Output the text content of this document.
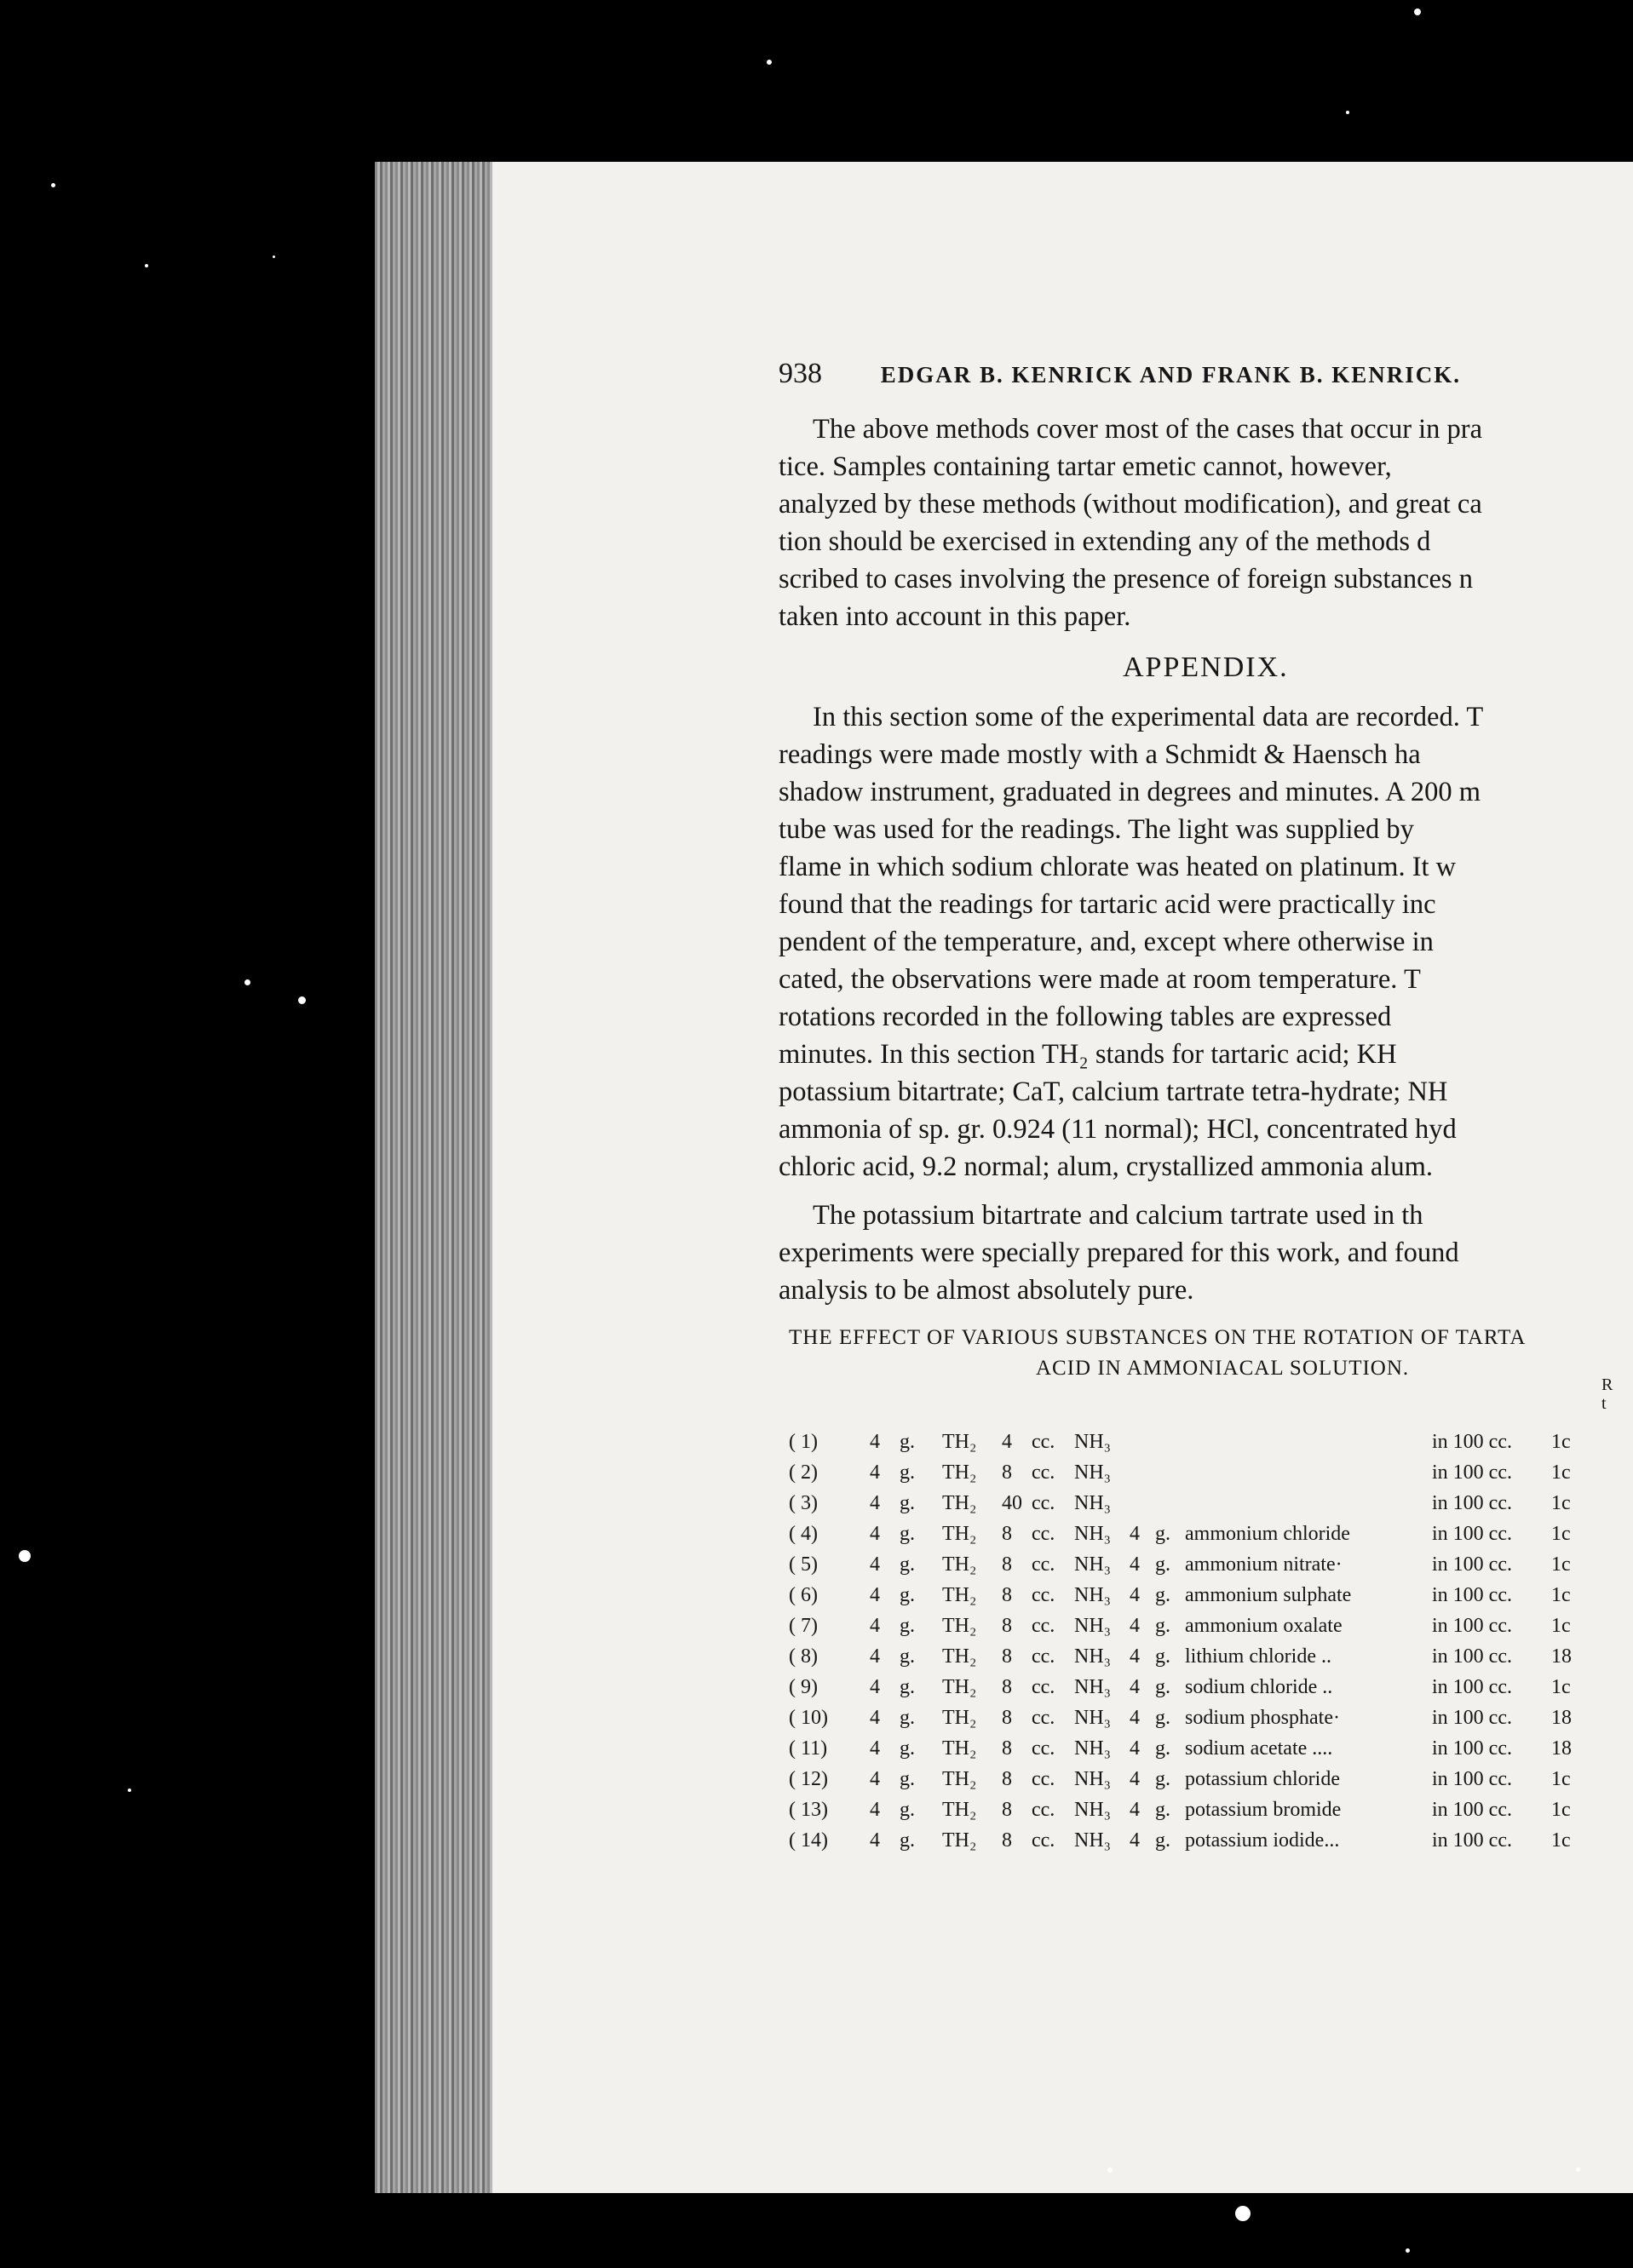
938	EDGAR B. KENRICK AND FRANK B. KENRICK.
The above methods cover most of the cases that occur in pra
tice. Samples containing tartar emetic cannot, however,
analyzed by these methods (without modification), and great ca
tion should be exercised in extending any of the methods d
scribed to cases involving the presence of foreign substances n
taken into account in this paper.
APPENDIX.
In this section some of the experimental data are recorded. T
readings were made mostly with a Schmidt & Haensch ha
shadow instrument, graduated in degrees and minutes. A 200 m
tube was used for the readings. The light was supplied by
flame in which sodium chlorate was heated on platinum. It w
found that the readings for tartaric acid were practically inc
pendent of the temperature, and, except where otherwise in
cated, the observations were made at room temperature. T
rotations recorded in the following tables are expressed
minutes. In this section TH₂ stands for tartaric acid; KH
potassium bitartrate; CaT, calcium tartrate tetra-hydrate; NH
ammonia of sp. gr. 0.924 (11 normal); HCl, concentrated hyd
chloric acid, 9.2 normal; alum, crystallized ammonia alum.
The potassium bitartrate and calcium tartrate used in th
experiments were specially prepared for this work, and found
analysis to be almost absolutely pure.
THE EFFECT OF VARIOUS SUBSTANCES ON THE ROTATION OF TARTA
ACID IN AMMONIACAL SOLUTION.
R
t
( 1)	4	g.	TH₂	4	cc.	NH₃				in 100 cc.	1c
( 2)	4	g.	TH₂	8	cc.	NH₃				in 100 cc.	1c
( 3)	4	g.	TH₂	40	cc.	NH₃				in 100 cc.	1c
( 4)	4	g.	TH₂	8	cc.	NH₃	4	g.	ammonium chloride	in 100 cc.	1c
( 5)	4	g.	TH₂	8	cc.	NH₃	4	g.	ammonium nitrate·	in 100 cc.	1c
( 6)	4	g.	TH₂	8	cc.	NH₃	4	g.	ammonium sulphate	in 100 cc.	1c
( 7)	4	g.	TH₂	8	cc.	NH₃	4	g.	ammonium oxalate	in 100 cc.	1c
( 8)	4	g.	TH₂	8	cc.	NH₃	4	g.	lithium chloride ..	in 100 cc.	18
( 9)	4	g.	TH₂	8	cc.	NH₃	4	g.	sodium chloride ..	in 100 cc.	1c
( 10)	4	g.	TH₂	8	cc.	NH₃	4	g.	sodium phosphate·	in 100 cc.	18
( 11)	4	g.	TH₂	8	cc.	NH₃	4	g.	sodium acetate ....	in 100 cc.	18
( 12)	4	g.	TH₂	8	cc.	NH₃	4	g.	potassium chloride	in 100 cc.	1c
( 13)	4	g.	TH₂	8	cc.	NH₃	4	g.	potassium bromide	in 100 cc.	1c
( 14)	4	g.	TH₂	8	cc.	NH₃	4	g.	potassium iodide...	in 100 cc.	1c
